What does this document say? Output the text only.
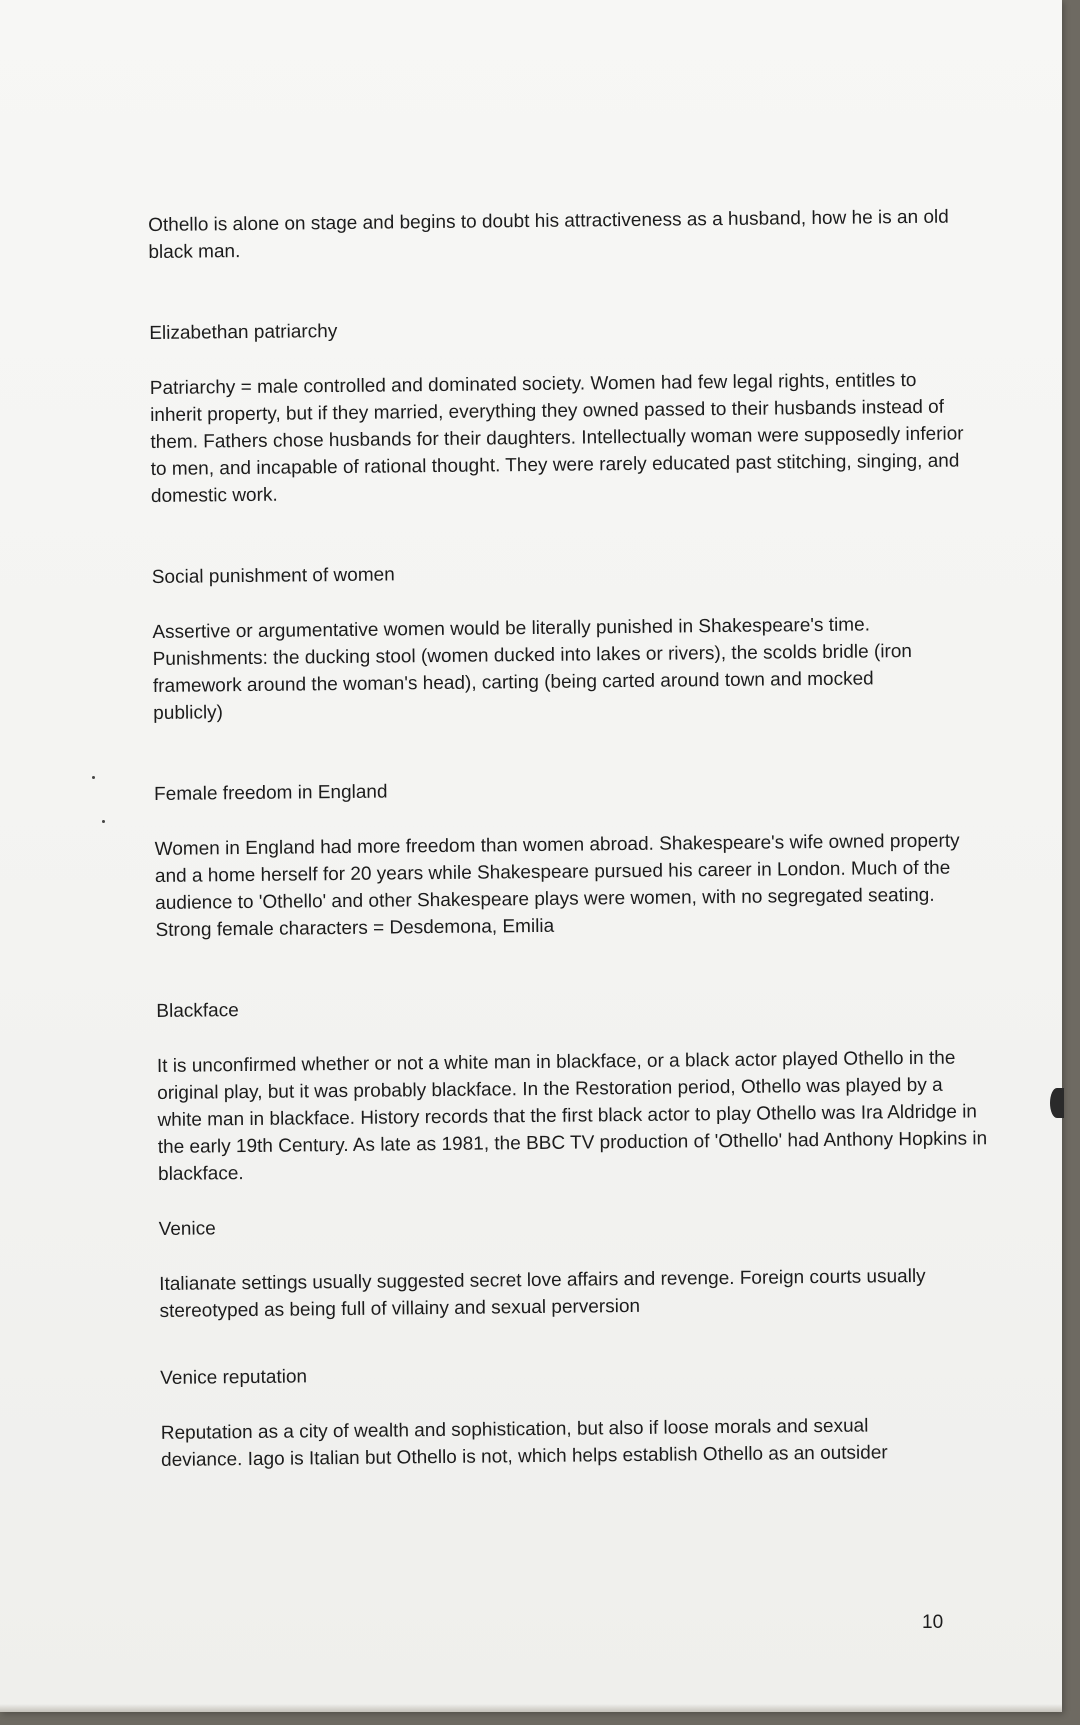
Othello is alone on stage and begins to doubt his attractiveness as a husband, how he is an old black man.

Elizabethan patriarchy

Patriarchy = male controlled and dominated society. Women had few legal rights, entitles to inherit property, but if they married, everything they owned passed to their husbands instead of them. Fathers chose husbands for their daughters. Intellectually woman were supposedly inferior to men, and incapable of rational thought. They were rarely educated past stitching, singing, and domestic work.

Social punishment of women

Assertive or argumentative women would be literally punished in Shakespeare's time. Punishments: the ducking stool (women ducked into lakes or rivers), the scolds bridle (iron framework around the woman's head), carting (being carted around town and mocked publicly)

Female freedom in England

Women in England had more freedom than women abroad. Shakespeare's wife owned property and a home herself for 20 years while Shakespeare pursued his career in London. Much of the audience to 'Othello' and other Shakespeare plays were women, with no segregated seating. Strong female characters = Desdemona, Emilia

Blackface

It is unconfirmed whether or not a white man in blackface, or a black actor played Othello in the original play, but it was probably blackface. In the Restoration period, Othello was played by a white man in blackface. History records that the first black actor to play Othello was Ira Aldridge in the early 19th Century. As late as 1981, the BBC TV production of 'Othello' had Anthony Hopkins in blackface.

Venice

Italianate settings usually suggested secret love affairs and revenge. Foreign courts usually stereotyped as being full of villainy and sexual perversion

Venice reputation

Reputation as a city of wealth and sophistication, but also if loose morals and sexual deviance. Iago is Italian but Othello is not, which helps establish Othello as an outsider

10
